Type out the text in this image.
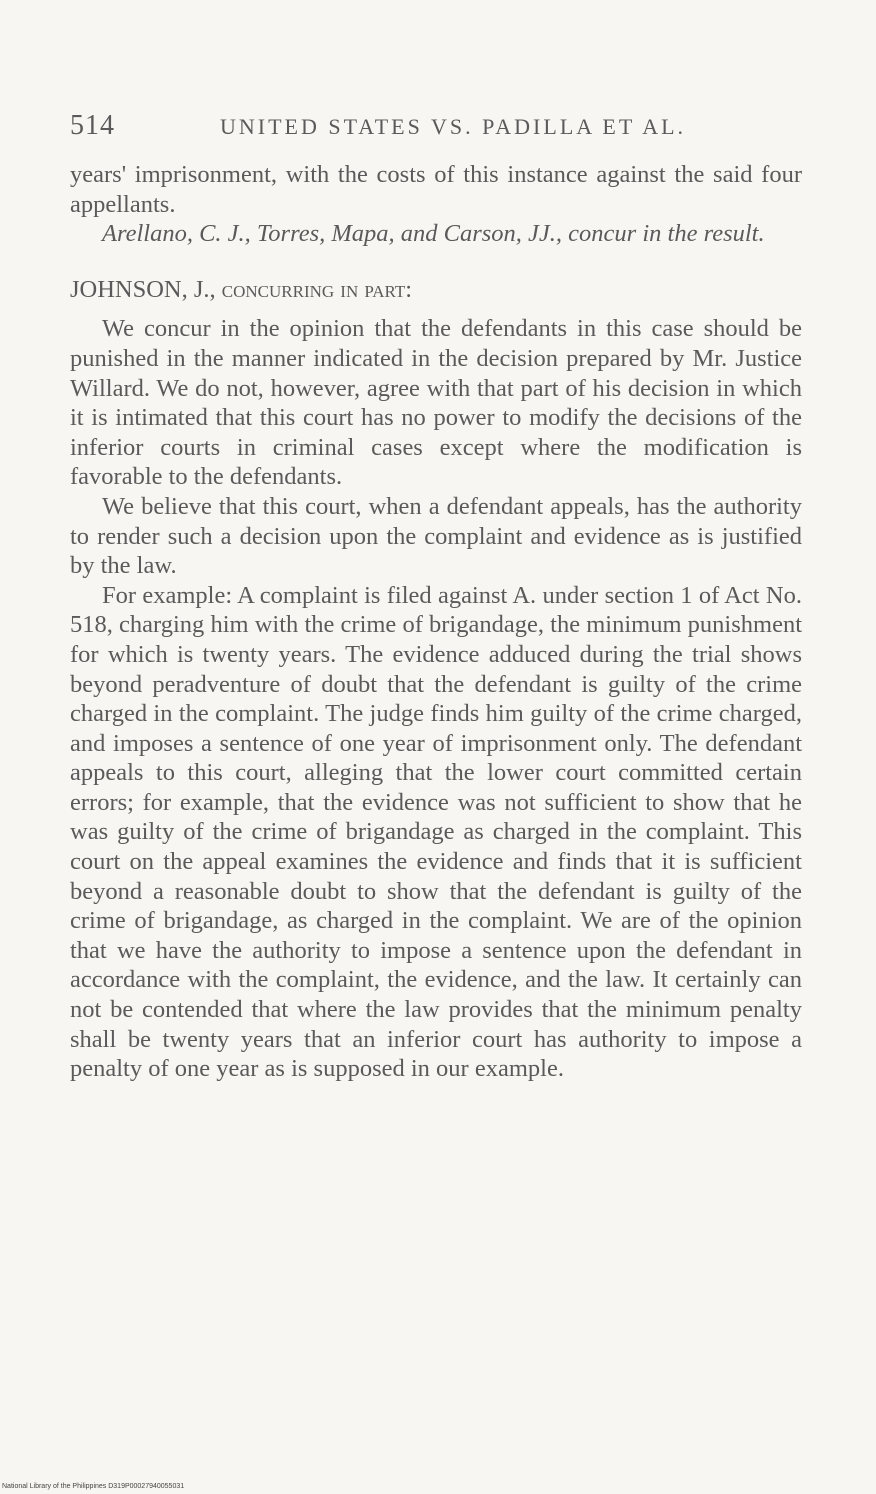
514	UNITED STATES VS. PADILLA ET AL.

years' imprisonment, with the costs of this instance against the said four appellants.

Arellano, C. J., Torres, Mapa, and Carson, JJ., concur in the result.

JOHNSON, J., concurring in part:

We concur in the opinion that the defendants in this case should be punished in the manner indicated in the decision prepared by Mr. Justice Willard. We do not, however, agree with that part of his decision in which it is intimated that this court has no power to modify the decisions of the inferior courts in criminal cases except where the modification is favorable to the defendants.

We believe that this court, when a defendant appeals, has the authority to render such a decision upon the complaint and evidence as is justified by the law.

For example: A complaint is filed against A. under section 1 of Act No. 518, charging him with the crime of brigandage, the minimum punishment for which is twenty years. The evidence adduced during the trial shows beyond peradventure of doubt that the defendant is guilty of the crime charged in the complaint. The judge finds him guilty of the crime charged, and imposes a sentence of one year of imprisonment only. The defendant appeals to this court, alleging that the lower court committed certain errors; for example, that the evidence was not sufficient to show that he was guilty of the crime of brigandage as charged in the complaint. This court on the appeal examines the evidence and finds that it is sufficient beyond a reasonable doubt to show that the defendant is guilty of the crime of brigandage, as charged in the complaint. We are of the opinion that we have the authority to impose a sentence upon the defendant in accordance with the complaint, the evidence, and the law. It certainly can not be contended that where the law provides that the minimum penalty shall be twenty years that an inferior court has authority to impose a penalty of one year as is supposed in our example.

National Library of the Philippines D319P00027940055031
